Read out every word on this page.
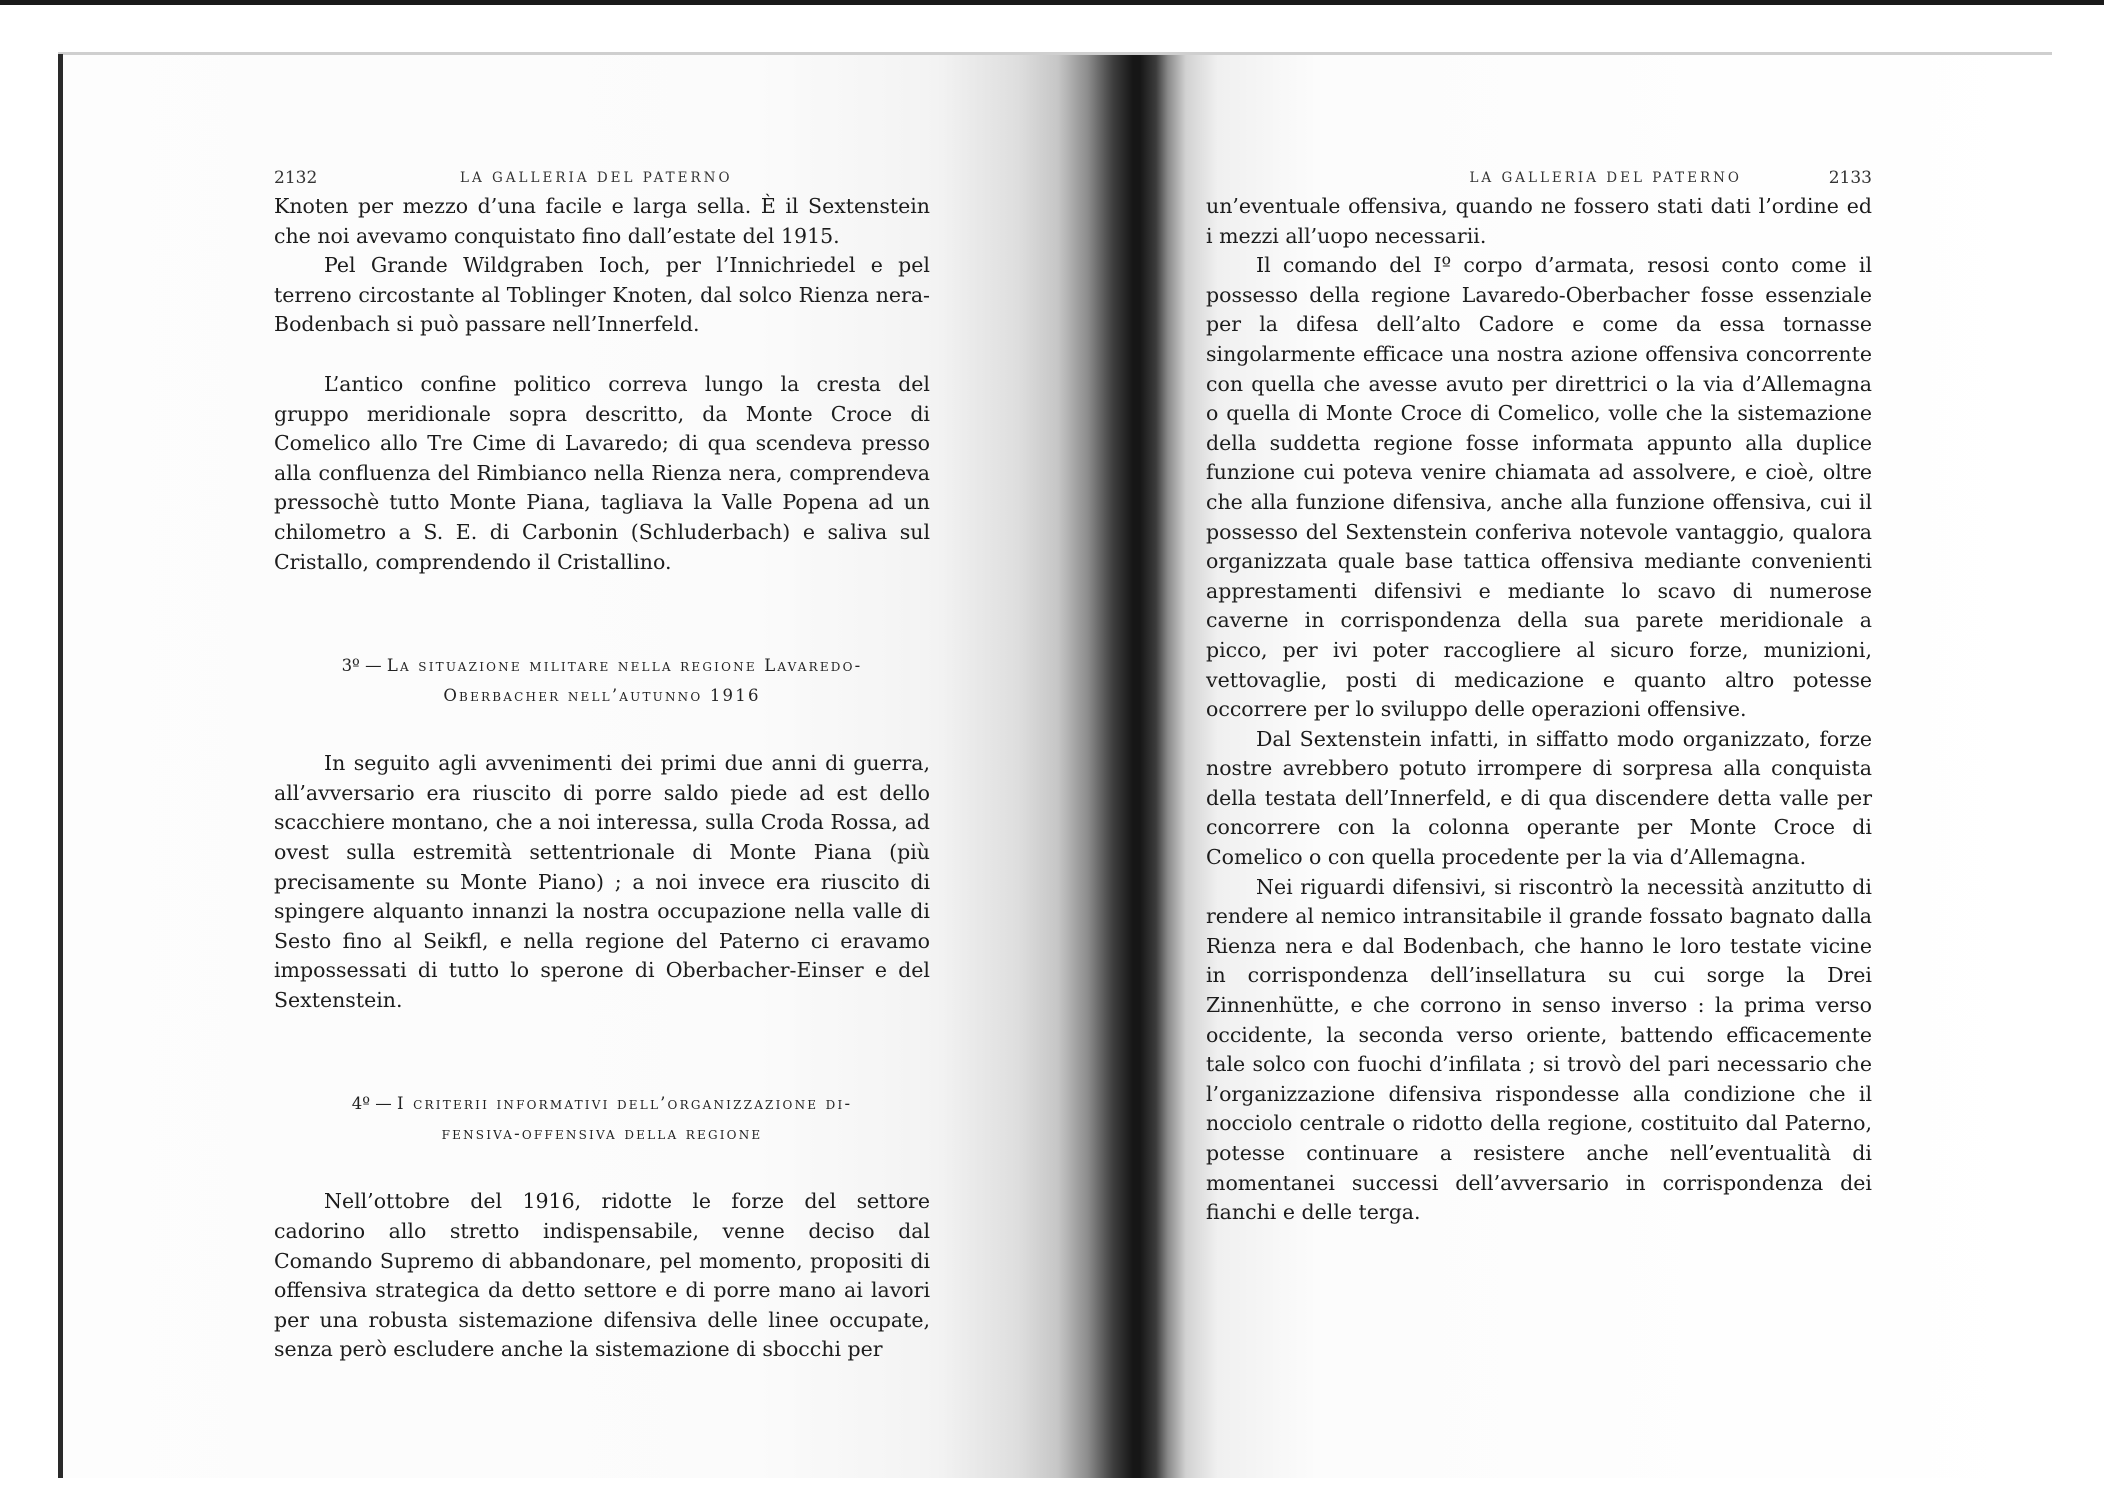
2132	LA GALLERIA DEL PATERNO

Knoten per mezzo d’una facile e larga sella. È il Sextenstein che noi avevamo conquistato fino dall’estate del 1915.

Pel Grande Wildgraben Ioch, per l’Innichriedel e pel terreno circostante al Toblinger Knoten, dal solco Rienza nera-Bodenbach si può passare nell’Innerfeld.

L’antico confine politico correva lungo la cresta del gruppo meridionale sopra descritto, da Monte Croce di Comelico allo Tre Cime di Lavaredo; di qua scendeva presso alla confluenza del Rimbianco nella Rienza nera, comprendeva pressochè tutto Monte Piana, tagliava la Valle Popena ad un chilometro a S. E. di Carbonin (Schluderbach) e saliva sul Cristallo, comprendendo il Cristallino.

3º — La situazione militare nella regione Lavaredo-
Oberbacher nell’autunno 1916

In seguito agli avvenimenti dei primi due anni di guerra, all’avversario era riuscito di porre saldo piede ad est dello scacchiere montano, che a noi interessa, sulla Croda Rossa, ad ovest sulla estremità settentrionale di Monte Piana (più precisamente su Monte Piano) ; a noi invece era riuscito di spingere alquanto innanzi la nostra occupazione nella valle di Sesto fino al Seikfl, e nella regione del Paterno ci eravamo impossessati di tutto lo sperone di Oberbacher-Einser e del Sextenstein.

4º — I criterii informativi dell’organizzazione di-
fensiva-offensiva della regione

Nell’ottobre del 1916, ridotte le forze del settore cadorino allo stretto indispensabile, venne deciso dal Comando Supremo di abbandonare, pel momento, propositi di offensiva strategica da detto settore e di porre mano ai lavori per una robusta sistemazione difensiva delle linee occupate, senza però escludere anche la sistemazione di sbocchi per

LA GALLERIA DEL PATERNO	2133

un’eventuale offensiva, quando ne fossero stati dati l’ordine ed i mezzi all’uopo necessarii.

Il comando del Iº corpo d’armata, resosi conto come il possesso della regione Lavaredo-Oberbacher fosse essenziale per la difesa dell’alto Cadore e come da essa tornasse singolarmente efficace una nostra azione offensiva concorrente con quella che avesse avuto per direttrici o la via d’Allemagna o quella di Monte Croce di Comelico, volle che la sistemazione della suddetta regione fosse informata appunto alla duplice funzione cui poteva venire chiamata ad assolvere, e cioè, oltre che alla funzione difensiva, anche alla funzione offensiva, cui il possesso del Sextenstein conferiva notevole vantaggio, qualora organizzata quale base tattica offensiva mediante convenienti apprestamenti difensivi e mediante lo scavo di numerose caverne in corrispondenza della sua parete meridionale a picco, per ivi poter raccogliere al sicuro forze, munizioni, vettovaglie, posti di medicazione e quanto altro potesse occorrere per lo sviluppo delle operazioni offensive.

Dal Sextenstein infatti, in siffatto modo organizzato, forze nostre avrebbero potuto irrompere di sorpresa alla conquista della testata dell’Innerfeld, e di qua discendere detta valle per concorrere con la colonna operante per Monte Croce di Comelico o con quella procedente per la via d’Allemagna.

Nei riguardi difensivi, si riscontrò la necessità anzitutto di rendere al nemico intransitabile il grande fossato bagnato dalla Rienza nera e dal Bodenbach, che hanno le loro testate vicine in corrispondenza dell’insellatura su cui sorge la Drei Zinnenhütte, e che corrono in senso inverso : la prima verso occidente, la seconda verso oriente, battendo efficacemente tale solco con fuochi d’infilata ; si trovò del pari necessario che l’organizzazione difensiva rispondesse alla condizione che il nocciolo centrale o ridotto della regione, costituito dal Paterno, potesse continuare a resistere anche nell’eventualità di momentanei successi dell’avversario in corrispondenza dei fianchi e delle terga.
